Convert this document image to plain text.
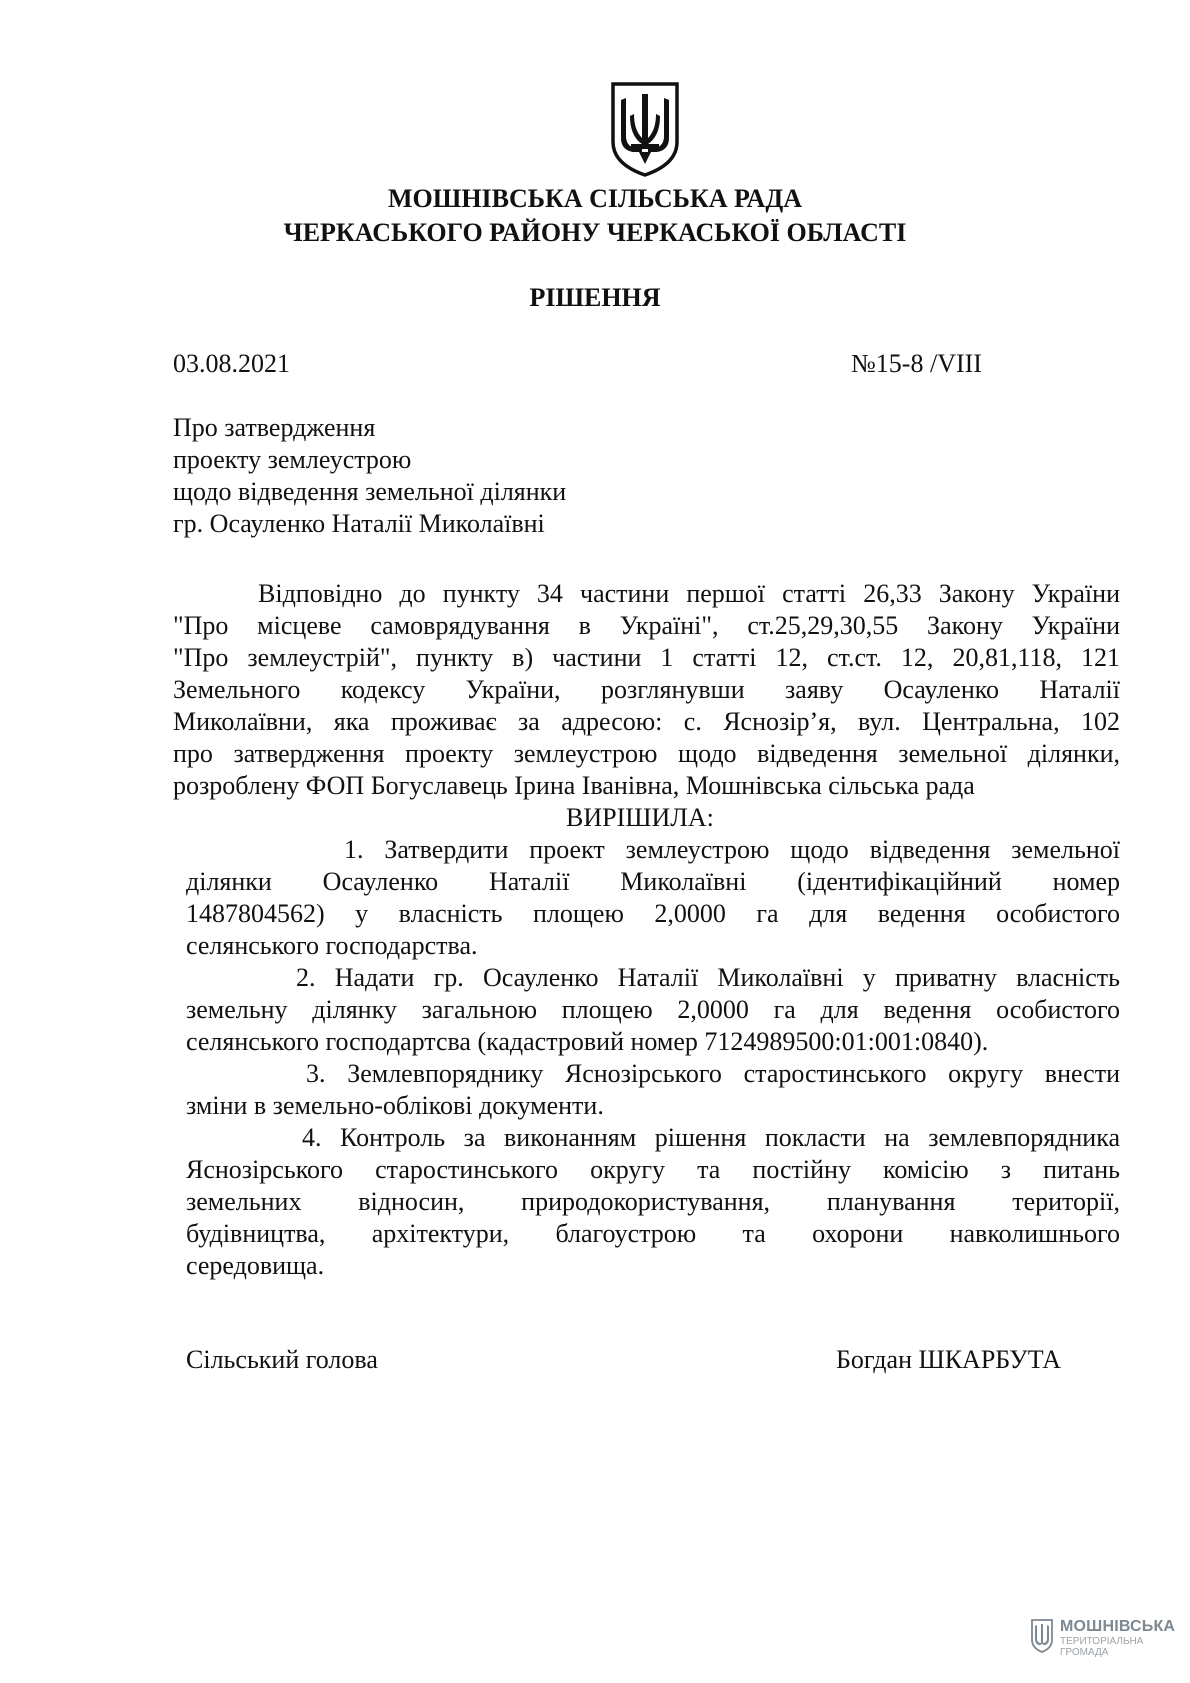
МОШНІВСЬКА СІЛЬСЬКА РАДА
ЧЕРКАСЬКОГО РАЙОНУ ЧЕРКАСЬКОЇ ОБЛАСТІ
РІШЕННЯ
03.08.2021	№15-8 /VIII
Про затвердження
проекту землеустрою
щодо відведення земельної ділянки
гр. Осауленко Наталії Миколаївні
Відповідно до пункту 34 частини першої статті 26,33 Закону України
"Про місцеве самоврядування в Україні", ст.25,29,30,55 Закону України
"Про землеустрій", пункту в) частини 1 статті 12, ст.ст. 12, 20,81,118, 121
Земельного кодексу України, розглянувши заяву Осауленко Наталії
Миколаївни, яка проживає за адресою: с. Яснозір’я, вул. Центральна, 102
про затвердження проекту землеустрою щодо відведення земельної ділянки,
розроблену ФОП Богуславець Ірина Іванівна, Мошнівська сільська рада
ВИРІШИЛА:
1. Затвердити проект землеустрою щодо відведення земельної
ділянки Осауленко Наталії Миколаївні (ідентифікаційний номер
1487804562) у власність площею 2,0000 га для ведення особистого
селянського господарства.
2. Надати гр. Осауленко Наталії Миколаївні у приватну власність
земельну ділянку загальною площею 2,0000 га для ведення особистого
селянського господартсва (кадастровий номер 7124989500:01:001:0840).
3. Землевпоряднику Яснозірського старостинського округу внести
зміни в земельно-облікові документи.
4. Контроль за виконанням рішення покласти на землевпорядника
Яснозірського старостинського округу та постійну комісію з питань
земельних відносин, природокористування, планування території,
будівництва, архітектури, благоустрою та охорони навколишнього
середовища.
Сільський голова	Богдан ШКАРБУТА
МОШНІВСЬКА
ТЕРИТОРІАЛЬНА
ГРОМАДА
